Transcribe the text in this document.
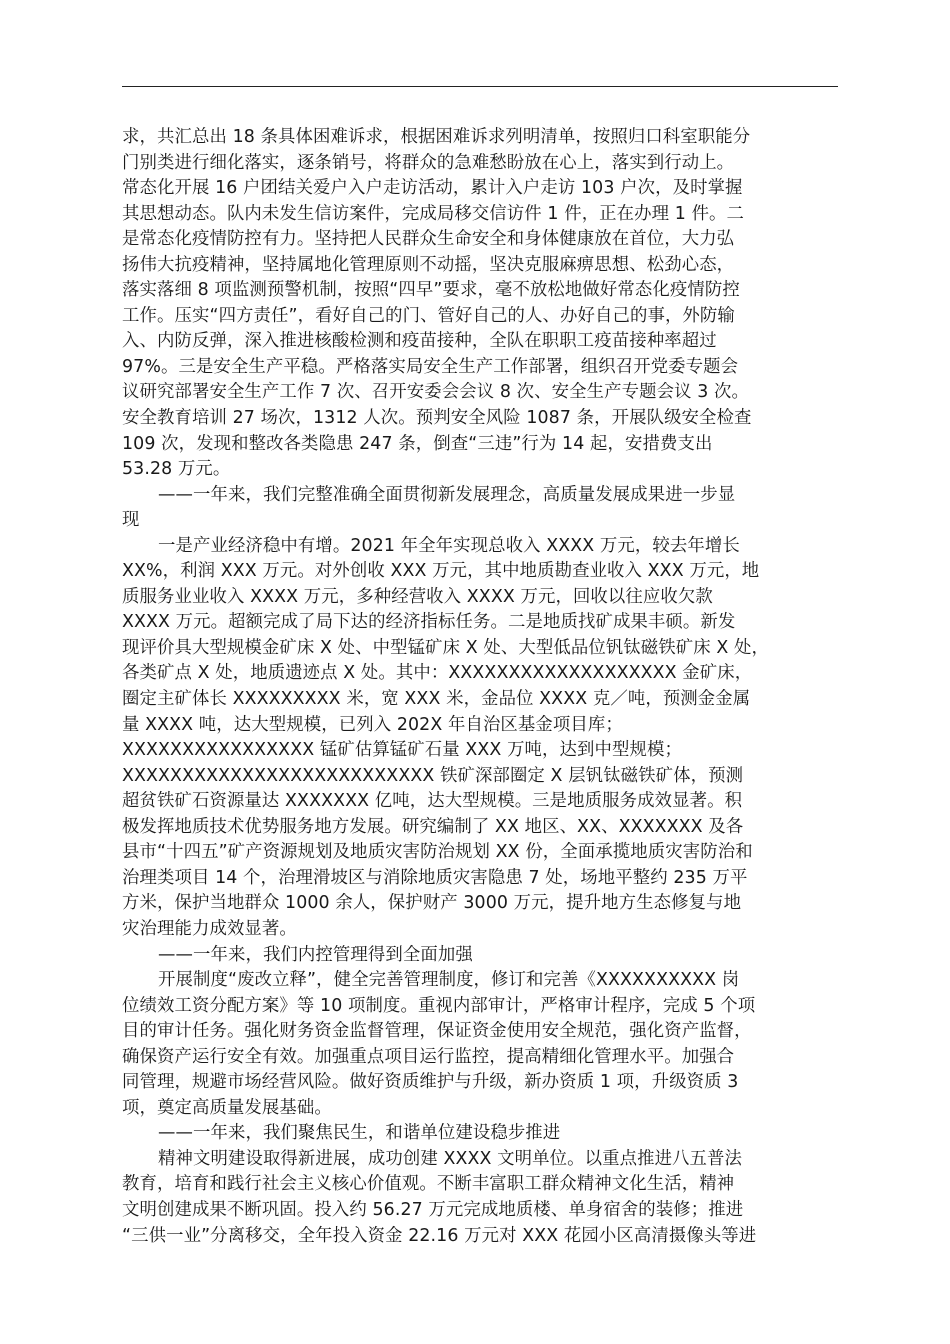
求，共汇总出 18 条具体困难诉求，根据困难诉求列明清单，按照归口科室职能分
门别类进行细化落实，逐条销号，将群众的急难愁盼放在心上，落实到行动上。
常态化开展 16 户团结关爱户入户走访活动，累计入户走访 103 户次，及时掌握
其思想动态。队内未发生信访案件，完成局移交信访件 1 件，正在办理 1 件。二
是常态化疫情防控有力。坚持把人民群众生命安全和身体健康放在首位，大力弘
扬伟大抗疫精神，坚持属地化管理原则不动摇，坚决克服麻痹思想、松劲心态，
落实落细 8 项监测预警机制，按照“四早”要求，毫不放松地做好常态化疫情防控
工作。压实“四方责任”，看好自己的门、管好自己的人、办好自己的事，外防输
入、内防反弹，深入推进核酸检测和疫苗接种，全队在职职工疫苗接种率超过
97%。三是安全生产平稳。严格落实局安全生产工作部署，组织召开党委专题会
议研究部署安全生产工作 7 次、召开安委会会议 8 次、安全生产专题会议 3 次。
安全教育培训 27 场次，1312 人次。预判安全风险 1087 条，开展队级安全检查
109 次，发现和整改各类隐患 247 条，倒查“三违”行为 14 起，安措费支出
53.28 万元。
——一年来，我们完整准确全面贯彻新发展理念，高质量发展成果进一步显
现
一是产业经济稳中有增。2021 年全年实现总收入 XXXX 万元，较去年增长
XX%，利润 XXX 万元。对外创收 XXX 万元，其中地质勘查业收入 XXX 万元，地
质服务业业收入 XXXX 万元，多种经营收入 XXXX 万元，回收以往应收欠款
XXXX 万元。超额完成了局下达的经济指标任务。二是地质找矿成果丰硕。新发
现评价具大型规模金矿床 X 处、中型锰矿床 X 处、大型低品位钒钛磁铁矿床 X 处，
各类矿点 X 处，地质遗迹点 X 处。其中：XXXXXXXXXXXXXXXXXXX 金矿床，
圈定主矿体长 XXXXXXXXX 米，宽 XXX 米，金品位 XXXX 克／吨，预测金金属
量 XXXX 吨，达大型规模，已列入 202X 年自治区基金项目库；
XXXXXXXXXXXXXXXX 锰矿估算锰矿石量 XXX 万吨，达到中型规模；
XXXXXXXXXXXXXXXXXXXXXXXXXX 铁矿深部圈定 X 层钒钛磁铁矿体，预测
超贫铁矿石资源量达 XXXXXXX 亿吨，达大型规模。三是地质服务成效显著。积
极发挥地质技术优势服务地方发展。研究编制了 XX 地区、XX、XXXXXXX 及各
县市“十四五”矿产资源规划及地质灾害防治规划 XX 份，全面承揽地质灾害防治和
治理类项目 14 个，治理滑坡区与消除地质灾害隐患 7 处，场地平整约 235 万平
方米，保护当地群众 1000 余人，保护财产 3000 万元，提升地方生态修复与地
灾治理能力成效显著。
——一年来，我们内控管理得到全面加强
开展制度“废改立释”，健全完善管理制度，修订和完善《XXXXXXXXXX 岗
位绩效工资分配方案》等 10 项制度。重视内部审计，严格审计程序，完成 5 个项
目的审计任务。强化财务资金监督管理，保证资金使用安全规范，强化资产监督，
确保资产运行安全有效。加强重点项目运行监控，提高精细化管理水平。加强合
同管理，规避市场经营风险。做好资质维护与升级，新办资质 1 项，升级资质 3
项，奠定高质量发展基础。
——一年来，我们聚焦民生，和谐单位建设稳步推进
精神文明建设取得新进展，成功创建 XXXX 文明单位。以重点推进八五普法
教育，培育和践行社会主义核心价值观。不断丰富职工群众精神文化生活，精神
文明创建成果不断巩固。投入约 56.27 万元完成地质楼、单身宿舍的装修；推进
“三供一业”分离移交，全年投入资金 22.16 万元对 XXX 花园小区高清摄像头等进
